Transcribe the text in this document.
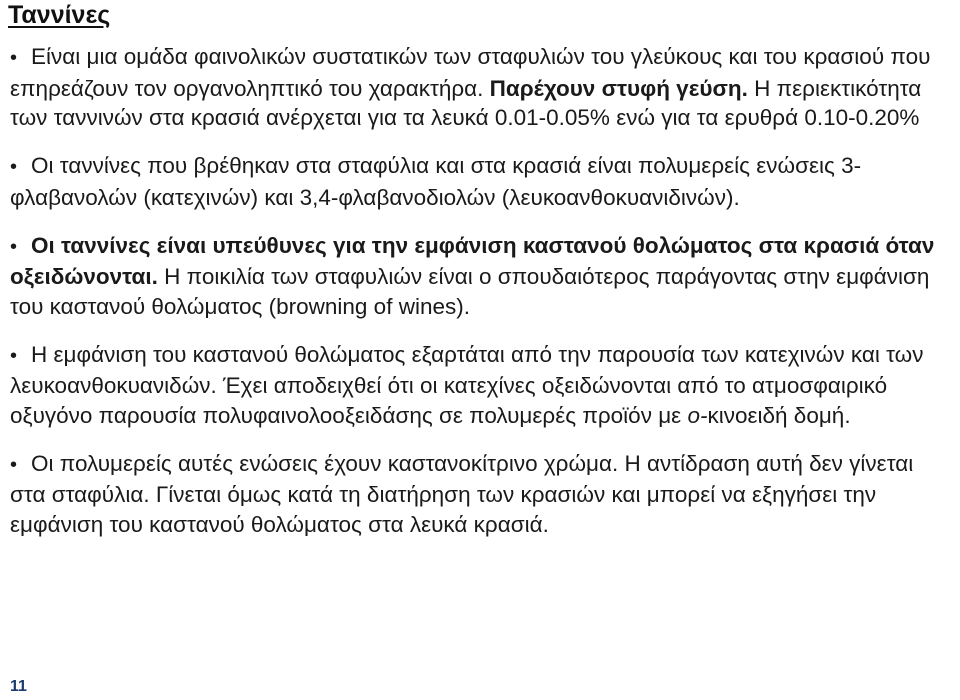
Ταννίνες
•Είναι μια ομάδα φαινολικών συστατικών των σταφυλιών του γλεύκους και του κρασιού που επηρεάζουν τον οργανοληπτικό του χαρακτήρα. Παρέχουν στυφή γεύση. Η περιεκτικότητα των ταννινών στα κρασιά ανέρχεται για τα λευκά 0.01-0.05% ενώ για τα ερυθρά 0.10-0.20%
•Οι ταννίνες που βρέθηκαν στα σταφύλια και στα κρασιά είναι πολυμερείς ενώσεις 3-φλαβανολών (κατεχινών) και 3,4-φλαβανοδιολών (λευκοανθοκυανιδινών).
•Οι ταννίνες είναι υπεύθυνες για την εμφάνιση καστανού θολώματος στα κρασιά όταν οξειδώνονται. Η ποικιλία των σταφυλιών είναι ο σπουδαιότερος παράγοντας στην εμφάνιση του καστανού θολώματος (browning of wines).
•Η εμφάνιση του καστανού θολώματος εξαρτάται από την παρουσία των κατεχινών και των λευκοανθοκυανιδών. Έχει αποδειχθεί ότι οι κατεχίνες οξειδώνονται από το ατμοσφαιρικό οξυγόνο παρουσία πολυφαινολοοξειδάσης σε πολυμερές προϊόν με ο-κινοειδή δομή.
•Οι πολυμερείς αυτές ενώσεις έχουν καστανοκίτρινο χρώμα. Η αντίδραση αυτή δεν γίνεται στα σταφύλια. Γίνεται όμως κατά τη διατήρηση των κρασιών και μπορεί να εξηγήσει την εμφάνιση του καστανού θολώματος στα λευκά κρασιά.
11
